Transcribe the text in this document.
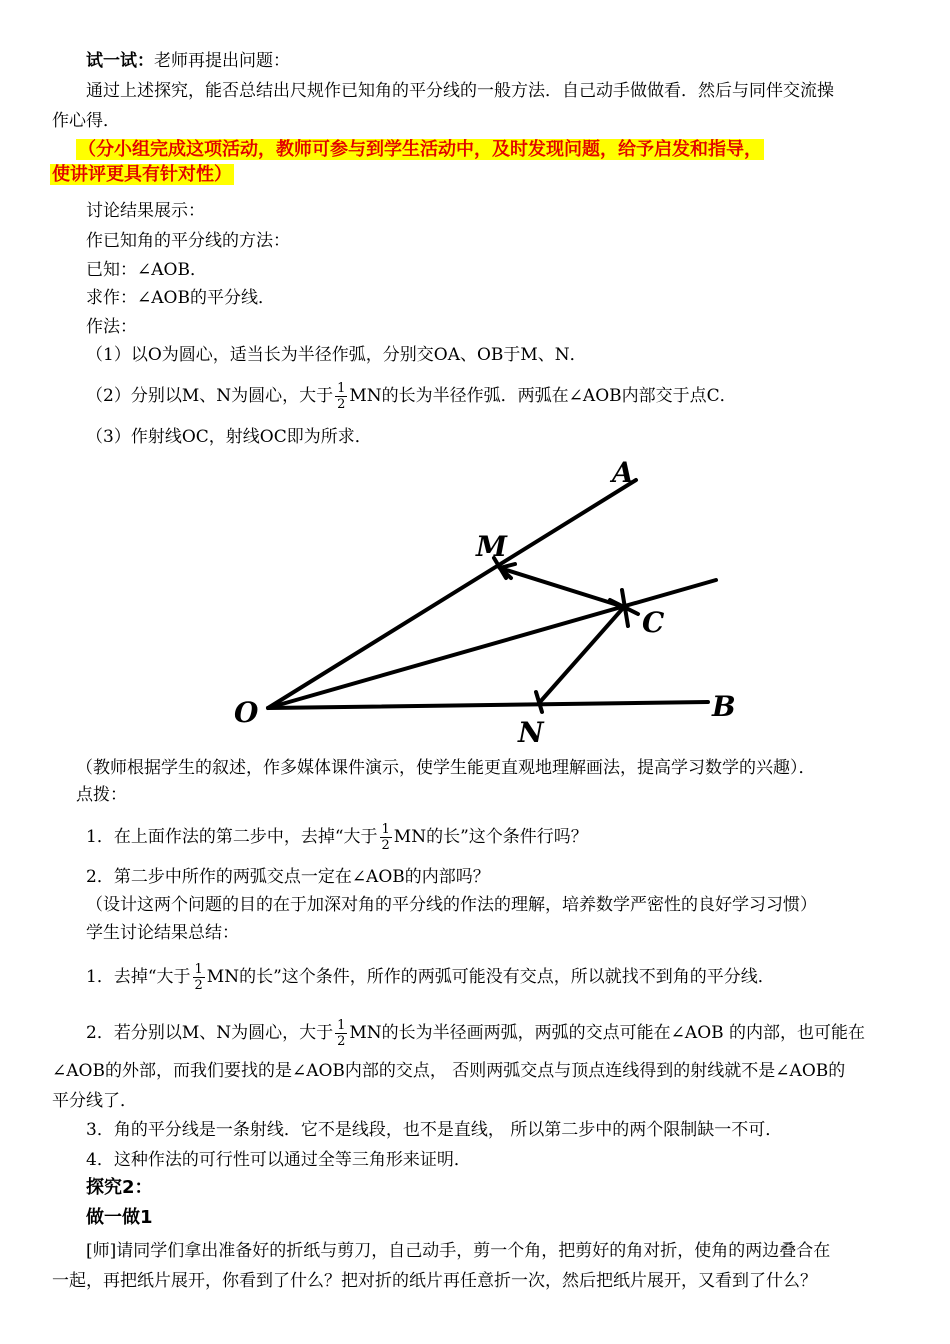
试一试：老师再提出问题：
通过上述探究，能否总结出尺规作已知角的平分线的一般方法．自己动手做做看．然后与同伴交流操
作心得．
（分小组完成这项活动，教师可参与到学生活动中，及时发现问题，给予启发和指导，
使讲评更具有针对性）
讨论结果展示：
作已知角的平分线的方法：
已知：∠AOB．
求作：∠AOB的平分线．
作法：
（1）以O为圆心，适当长为半径作弧，分别交OA、OB于M、N．
（2）分别以M、N为圆心，大于 $\frac{1}{2}$ MN的长为半径作弧．两弧在∠AOB内部交于点C．
（3）作射线OC，射线OC即为所求．
A
M
C
O
N
B
（教师根据学生的叙述，作多媒体课件演示，使学生能更直观地理解画法，提高学习数学的兴趣）．
点拨：
1．在上面作法的第二步中，去掉“大于 $\frac{1}{2}$ MN的长”这个条件行吗？
2．第二步中所作的两弧交点一定在∠AOB的内部吗？
（设计这两个问题的目的在于加深对角的平分线的作法的理解，培养数学严密性的良好学习习惯）
学生讨论结果总结：
1．去掉“大于 $\frac{1}{2}$ MN的长”这个条件，所作的两弧可能没有交点，所以就找不到角的平分线．
2．若分别以M、N为圆心，大于 $\frac{1}{2}$ MN的长为半径画两弧，两弧的交点可能在∠AOB 的内部，也可能在
∠AOB的外部，而我们要找的是∠AOB内部的交点， 否则两弧交点与顶点连线得到的射线就不是∠AOB的
平分线了．
3．角的平分线是一条射线．它不是线段，也不是直线， 所以第二步中的两个限制缺一不可．
4．这种作法的可行性可以通过全等三角形来证明．
探究2：
做一做1
[师]请同学们拿出准备好的折纸与剪刀，自己动手，剪一个角，把剪好的角对折，使角的两边叠合在
一起，再把纸片展开，你看到了什么？把对折的纸片再任意折一次，然后把纸片展开，又看到了什么？
